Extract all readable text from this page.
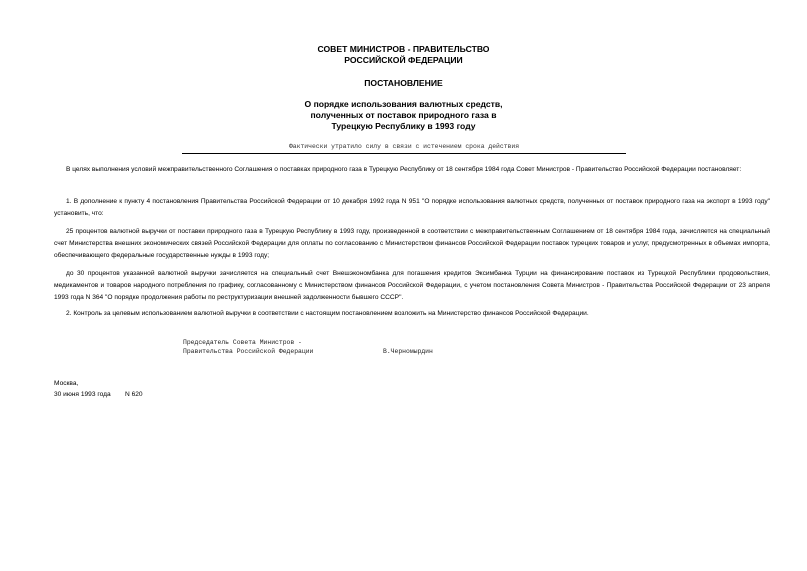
СОВЕТ МИНИСТРОВ - ПРАВИТЕЛЬСТВО
РОССИЙСКОЙ ФЕДЕРАЦИИ
ПОСТАНОВЛЕНИЕ
О порядке использования валютных средств,
полученных от поставок природного газа в
Турецкую Республику в 1993 году
Фактически утратило силу в связи с истечением срока действия
В целях выполнения условий межправительственного Соглашения о поставках природного газа в Турецкую Республику от 18 сентября 1984 года Совет Министров - Правительство Российской Федерации постановляет:
1. В дополнение к пункту 4 постановления Правительства Российской Федерации от 10 декабря 1992 года N 951 "О порядке использования валютных средств, полученных от поставок природного газа на экспорт в 1993 году" установить, что:
25 процентов валютной выручки от поставки природного газа в Турецкую Республику в 1993 году, произведенной в соответствии с межправительственным Соглашением от 18 сентября 1984 года, зачисляется на специальный счет Министерства внешних экономических связей Российской Федерации для оплаты по согласованию с Министерством финансов Российской Федерации поставок турецких товаров и услуг, предусмотренных в объемах импорта, обеспечивающего федеральные государственные нужды в 1993 году;
до 30 процентов указанной валютной выручки зачисляется на специальный счет Внешэкономбанка для погашения кредитов Эксимбанка Турции на финансирование поставок из Турецкой Республики продовольствия, медикаментов и товаров народного потребления по графику, согласованному с Министерством финансов Российской Федерации, с учетом постановления Совета Министров - Правительства Российской Федерации от 23 апреля 1993 года N 364 "О порядке продолжения работы по реструктуризации внешней задолженности бывшего СССР".
2. Контроль за целевым использованием валютной выручки в соответствии с настоящим постановлением возложить на Министерство финансов Российской Федерации.
Председатель Совета Министров -
Правительства Российской Федерации	В.Черномырдин
Москва,
30 июня 1993 года N 620
